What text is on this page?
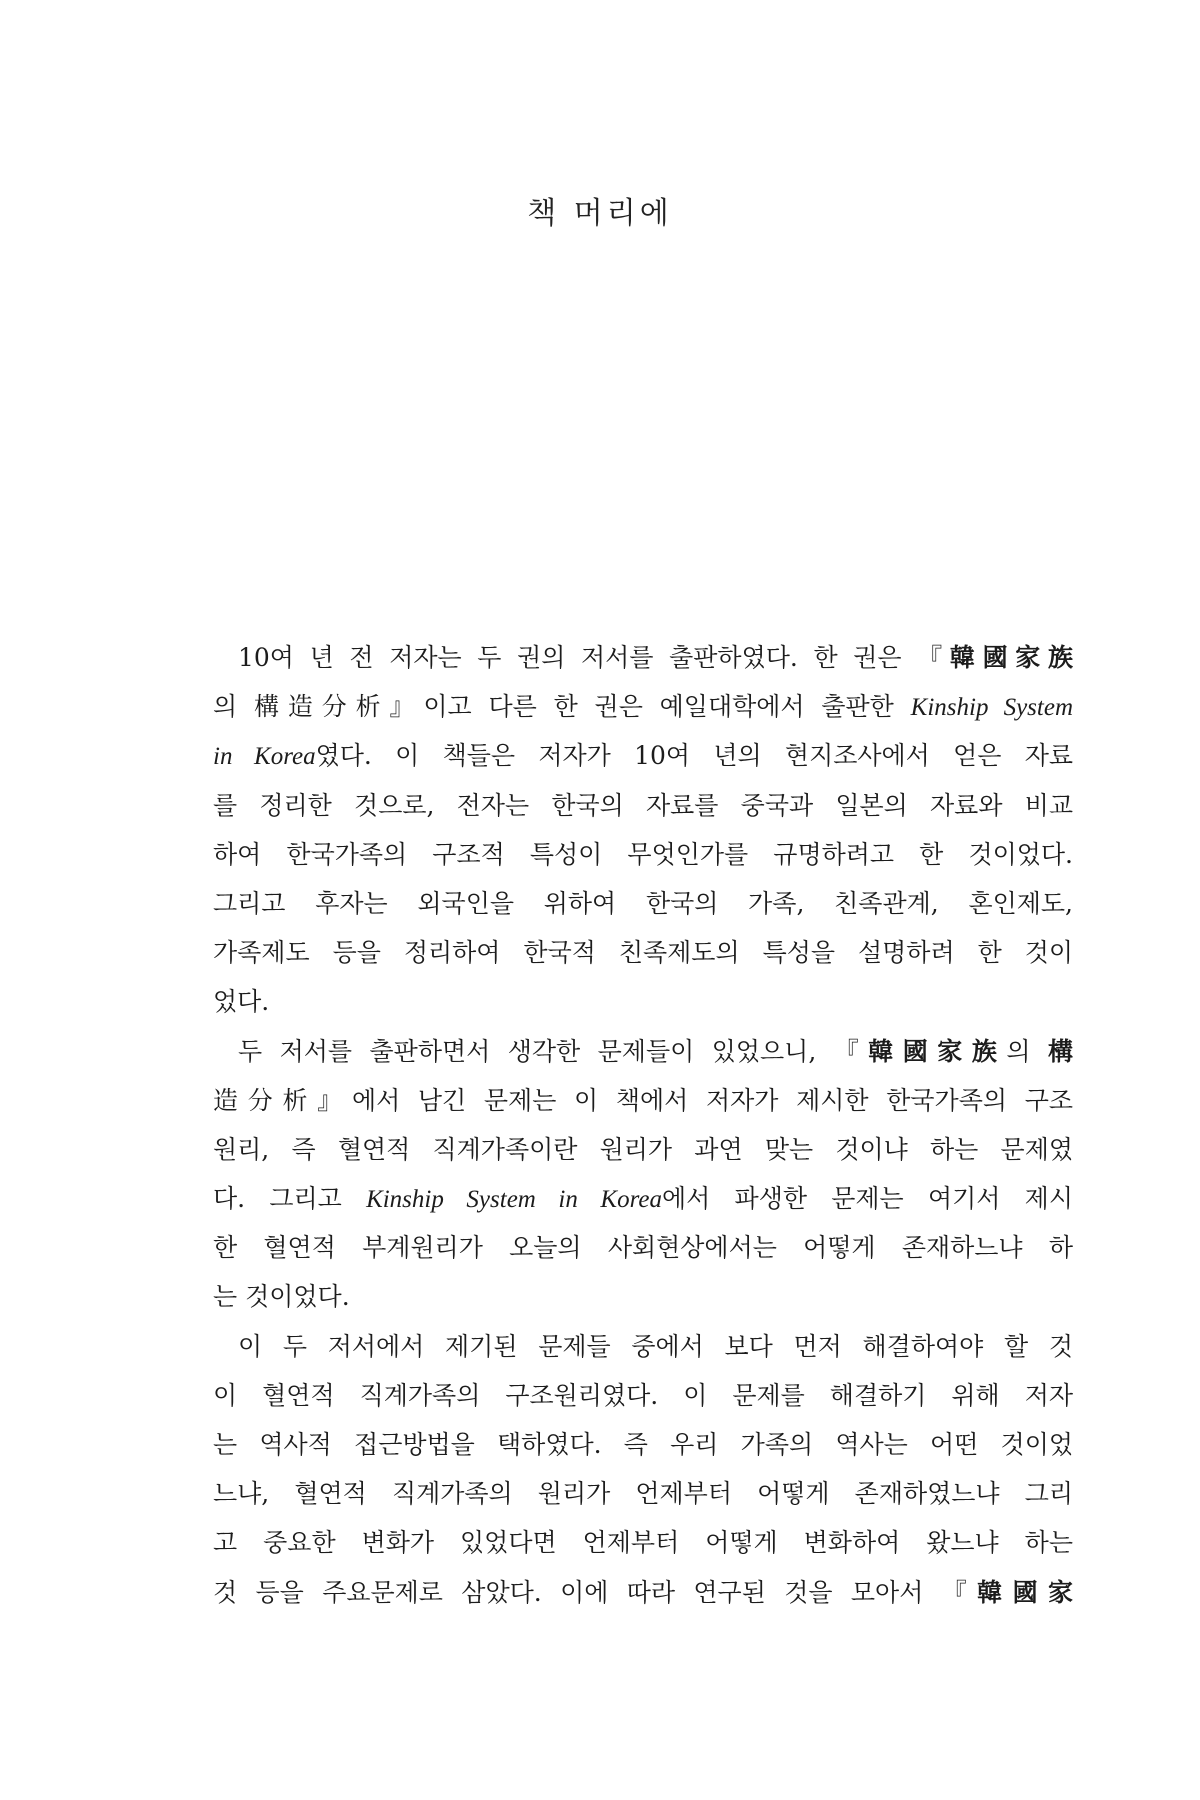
책 머리에
10여 년 전 저자는 두 권의 저서를 출판하였다. 한 권은 『韓國家族
의 構造分析』이고 다른 한 권은 예일대학에서 출판한 Kinship System
in Korea였다. 이 책들은 저자가 10여 년의 현지조사에서 얻은 자료
를 정리한 것으로, 전자는 한국의 자료를 중국과 일본의 자료와 비교
하여 한국가족의 구조적 특성이 무엇인가를 규명하려고 한 것이었다.
그리고 후자는 외국인을 위하여 한국의 가족, 친족관계, 혼인제도,
가족제도 등을 정리하여 한국적 친족제도의 특성을 설명하려 한 것이
었다.
두 저서를 출판하면서 생각한 문제들이 있었으니, 『韓國家族의 構
造分析』에서 남긴 문제는 이 책에서 저자가 제시한 한국가족의 구조
원리, 즉 혈연적 직계가족이란 원리가 과연 맞는 것이냐 하는 문제였
다. 그리고 Kinship System in Korea에서 파생한 문제는 여기서 제시
한 혈연적 부계원리가 오늘의 사회현상에서는 어떻게 존재하느냐 하
는 것이었다.
이 두 저서에서 제기된 문제들 중에서 보다 먼저 해결하여야 할 것
이 혈연적 직계가족의 구조원리였다. 이 문제를 해결하기 위해 저자
는 역사적 접근방법을 택하였다. 즉 우리 가족의 역사는 어떤 것이었
느냐, 혈연적 직계가족의 원리가 언제부터 어떻게 존재하였느냐 그리
고 중요한 변화가 있었다면 언제부터 어떻게 변화하여 왔느냐 하는
것 등을 주요문제로 삼았다. 이에 따라 연구된 것을 모아서 『韓國家
